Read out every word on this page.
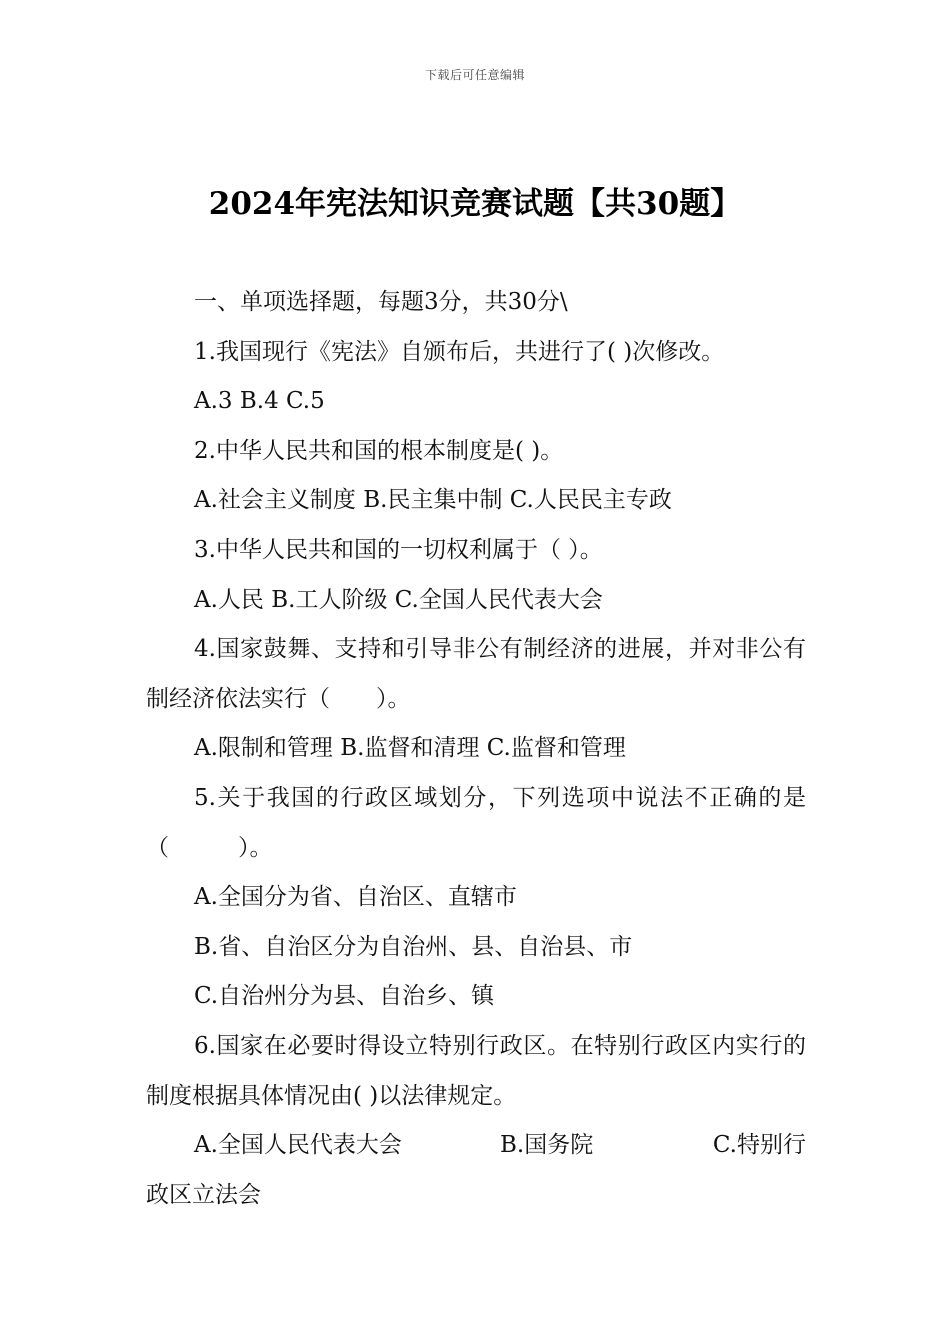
下载后可任意编辑
2024年宪法知识竞赛试题【共30题】

一、单项选择题，每题3分，共30分\

1.我国现行《宪法》自颁布后，共进行了( )次修改。

A.3 B.4 C.5

2.中华人民共和国的根本制度是( )。

A.社会主义制度 B.民主集中制 C.人民民主专政

3.中华人民共和国的一切权利属于（ ）。

A.人民 B.工人阶级 C.全国人民代表大会

4.国家鼓舞、支持和引导非公有制经济的进展，并对非公有制经济依法实行（　　）。

A.限制和管理 B.监督和清理 C.监督和管理

5.关于我国的行政区域划分，下列选项中说法不正确的是（　　　）。

A.全国分为省、自治区、直辖市

B.省、自治区分为自治州、县、自治县、市

C.自治州分为县、自治乡、镇

6.国家在必要时得设立特别行政区。在特别行政区内实行的制度根据具体情况由( )以法律规定。

A.全国人民代表大会	B.国务院	C.特别行

政区立法会
